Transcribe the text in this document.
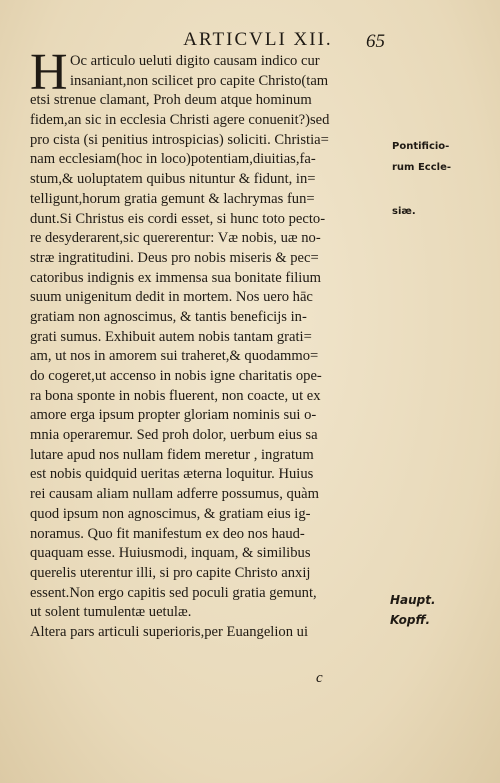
ARTICVLI XII.	65
H Oc articulo ueluti digito causam indico cur
insaniant,non scilicet pro capite Christo(tam
etsi strenue clamant, Proh deum atque hominum
fidem,an sic in ecclesia Christi agere conuenit?)sed
pro cista (si penitius introspicias) soliciti. Christia=
nam ecclesiam(hoc in loco)potentiam,diuitias,fa-
stum,& uoluptatem quibus nituntur & fidunt, in=
telligunt,horum gratia gemunt & lachrymas fun=
dunt.Si Christus eis cordi esset, si hunc toto pecto-
re desyderarent,sic quererentur: Væ nobis, uæ no-
stræ ingratitudini. Deus pro nobis miseris & pec=
catoribus indignis ex immensa sua bonitate filium
suum unigenitum dedit in mortem. Nos uero hāc
gratiam non agnoscimus, & tantis beneficijs in-
grati sumus. Exhibuit autem nobis tantam grati=
am, ut nos in amorem sui traheret,& quodammo=
do cogeret,ut accenso in nobis igne charitatis ope-
ra bona sponte in nobis fluerent, non coacte, ut ex
amore erga ipsum propter gloriam nominis sui o-
mnia operaremur. Sed proh dolor, uerbum eius sa
lutare apud nos nullam fidem meretur , ingratum
est nobis quidquid ueritas æterna loquitur. Huius
rei causam aliam nullam adferre possumus, quàm
quod ipsum non agnoscimus, & gratiam eius ig-
noramus. Quo fit manifestum ex deo nos haud-
quaquam esse. Huiusmodi, inquam, & similibus
querelis uterentur illi, si pro capite Christo anxij
essent.Non ergo capitis sed poculi gratia gemunt,
ut solent tumulentæ uetulæ.
Altera pars articuli superioris,per Euangelion ui
Pontificio-
rum Eccle-
siæ.
Haupt.
Kopff.
c
